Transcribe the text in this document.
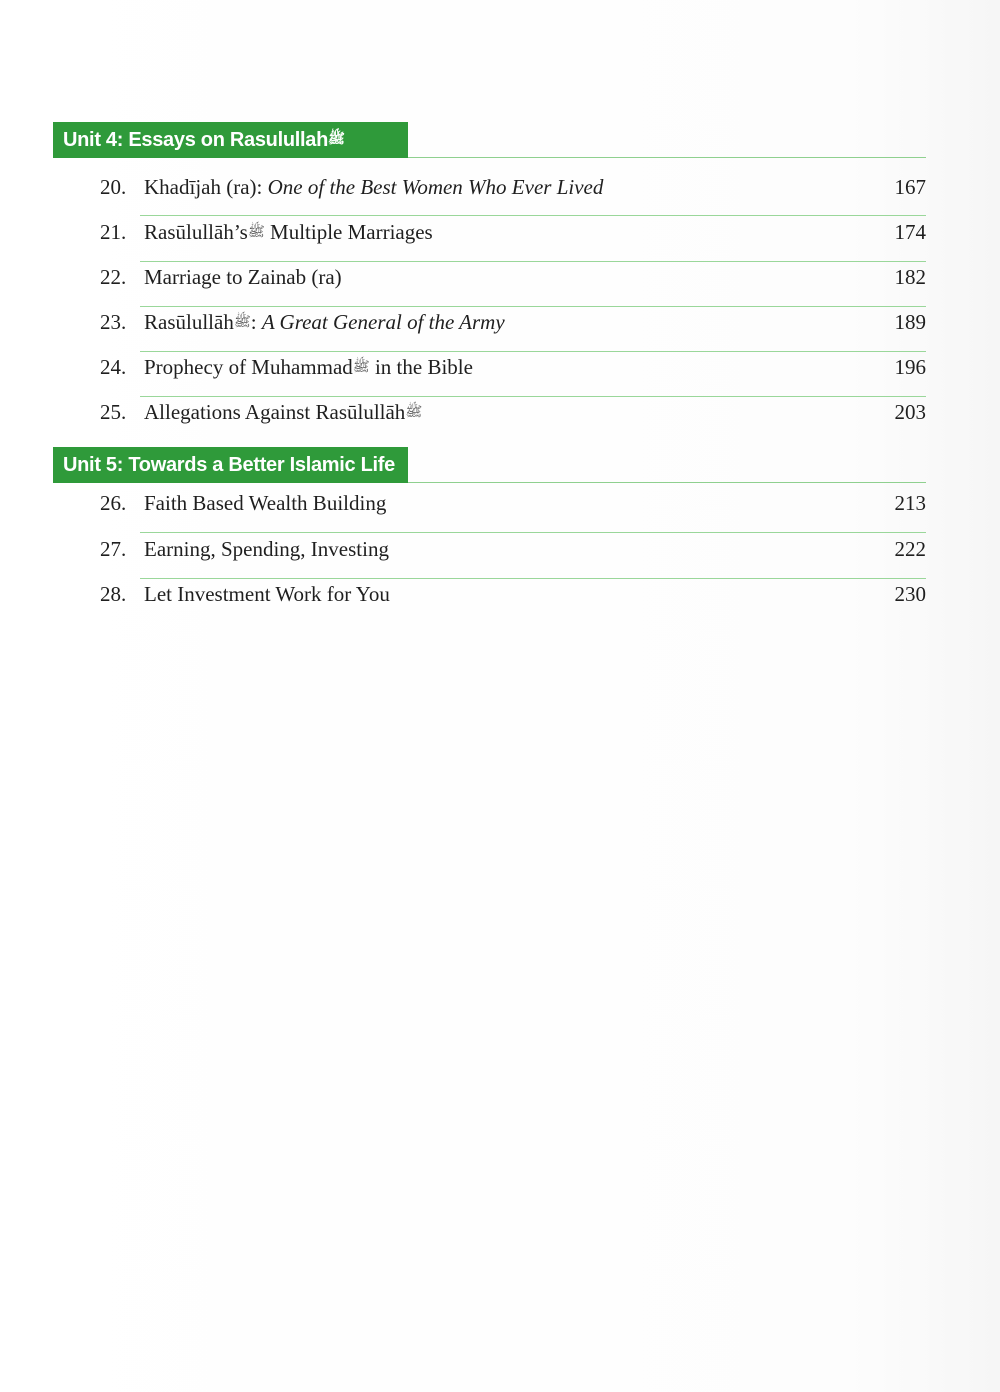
Unit 4: Essays on Rasulullah ﷺ
20. Khadījah (ra): One of the Best Women Who Ever Lived	167
21. Rasūlullāh’sﷺ Multiple Marriages	174
22. Marriage to Zainab (ra)	182
23. Rasūlullāhﷺ: A Great General of the Army	189
24. Prophecy of Muhammadﷺ in the Bible	196
25. Allegations Against Rasūlullāhﷺ	203
Unit 5: Towards a Better Islamic Life
26. Faith Based Wealth Building	213
27. Earning, Spending, Investing	222
28. Let Investment Work for You	230
